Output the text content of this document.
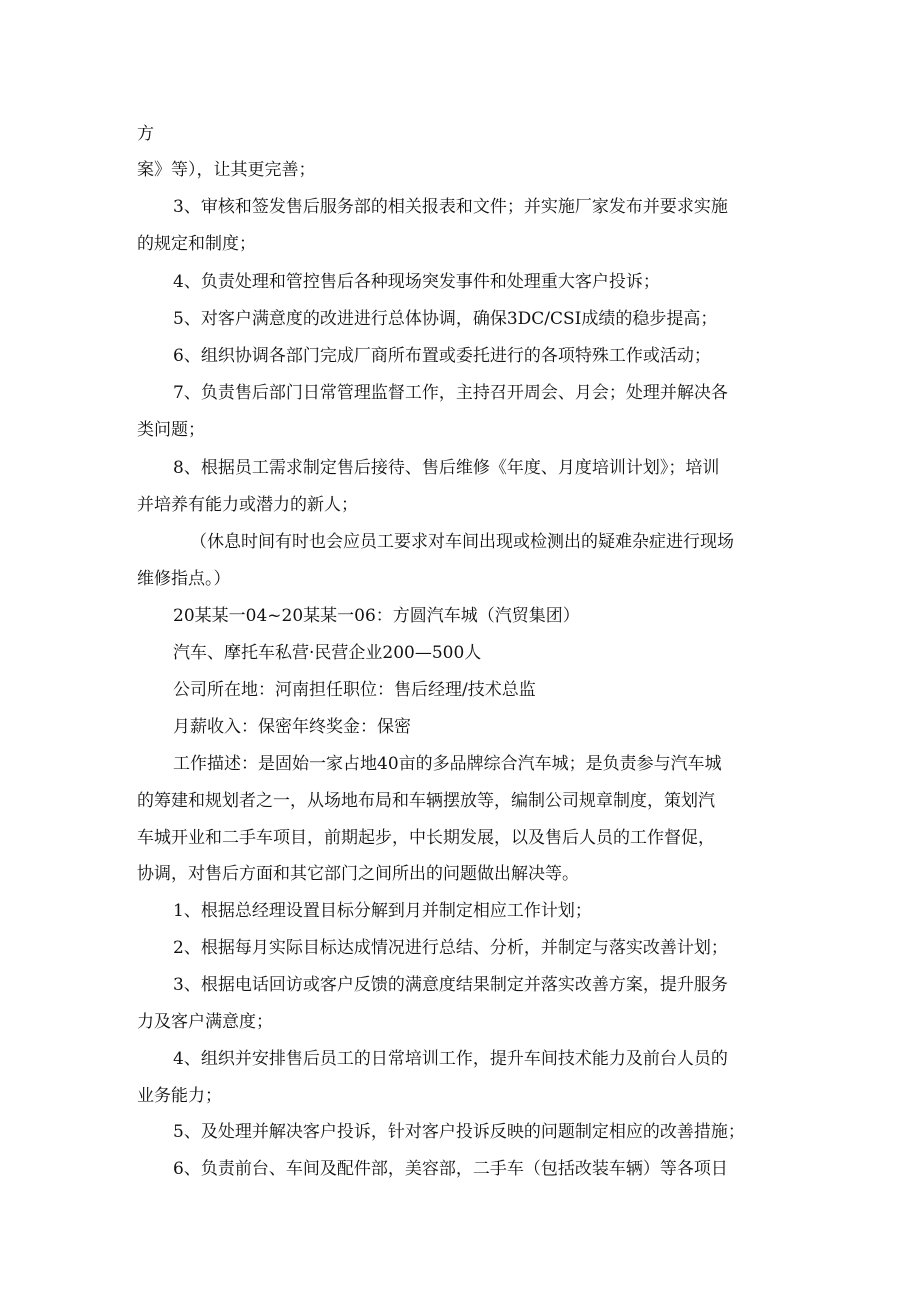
方
案》等），让其更完善；
3、审核和签发售后服务部的相关报表和文件；并实施厂家发布并要求实施
的规定和制度；
4、负责处理和管控售后各种现场突发事件和处理重大客户投诉；
5、对客户满意度的改进进行总体协调，确保3DC/CSI成绩的稳步提高；
6、组织协调各部门完成厂商所布置或委托进行的各项特殊工作或活动；
7、负责售后部门日常管理监督工作，主持召开周会、月会；处理并解决各
类问题；
8、根据员工需求制定售后接待、售后维修《年度、月度培训计划》；培训
并培养有能力或潜力的新人；
（休息时间有时也会应员工要求对车间出现或检测出的疑难杂症进行现场
维修指点。）
20某某一04~20某某一06：方圆汽车城（汽贸集团）
汽车、摩托车私营·民营企业200—500人
公司所在地：河南担任职位：售后经理/技术总监
月薪收入：保密年终奖金：保密
工作描述：是固始一家占地40亩的多品牌综合汽车城；是负责参与汽车城
的筹建和规划者之一，从场地布局和车辆摆放等，编制公司规章制度，策划汽
车城开业和二手车项目，前期起步，中长期发展，以及售后人员的工作督促，
协调，对售后方面和其它部门之间所出的问题做出解决等。
1、根据总经理设置目标分解到月并制定相应工作计划；
2、根据每月实际目标达成情况进行总结、分析，并制定与落实改善计划；
3、根据电话回访或客户反馈的满意度结果制定并落实改善方案，提升服务
力及客户满意度；
4、组织并安排售后员工的日常培训工作，提升车间技术能力及前台人员的
业务能力；
5、及处理并解决客户投诉，针对客户投诉反映的问题制定相应的改善措施；
6、负责前台、车间及配件部，美容部，二手车（包括改装车辆）等各项日
